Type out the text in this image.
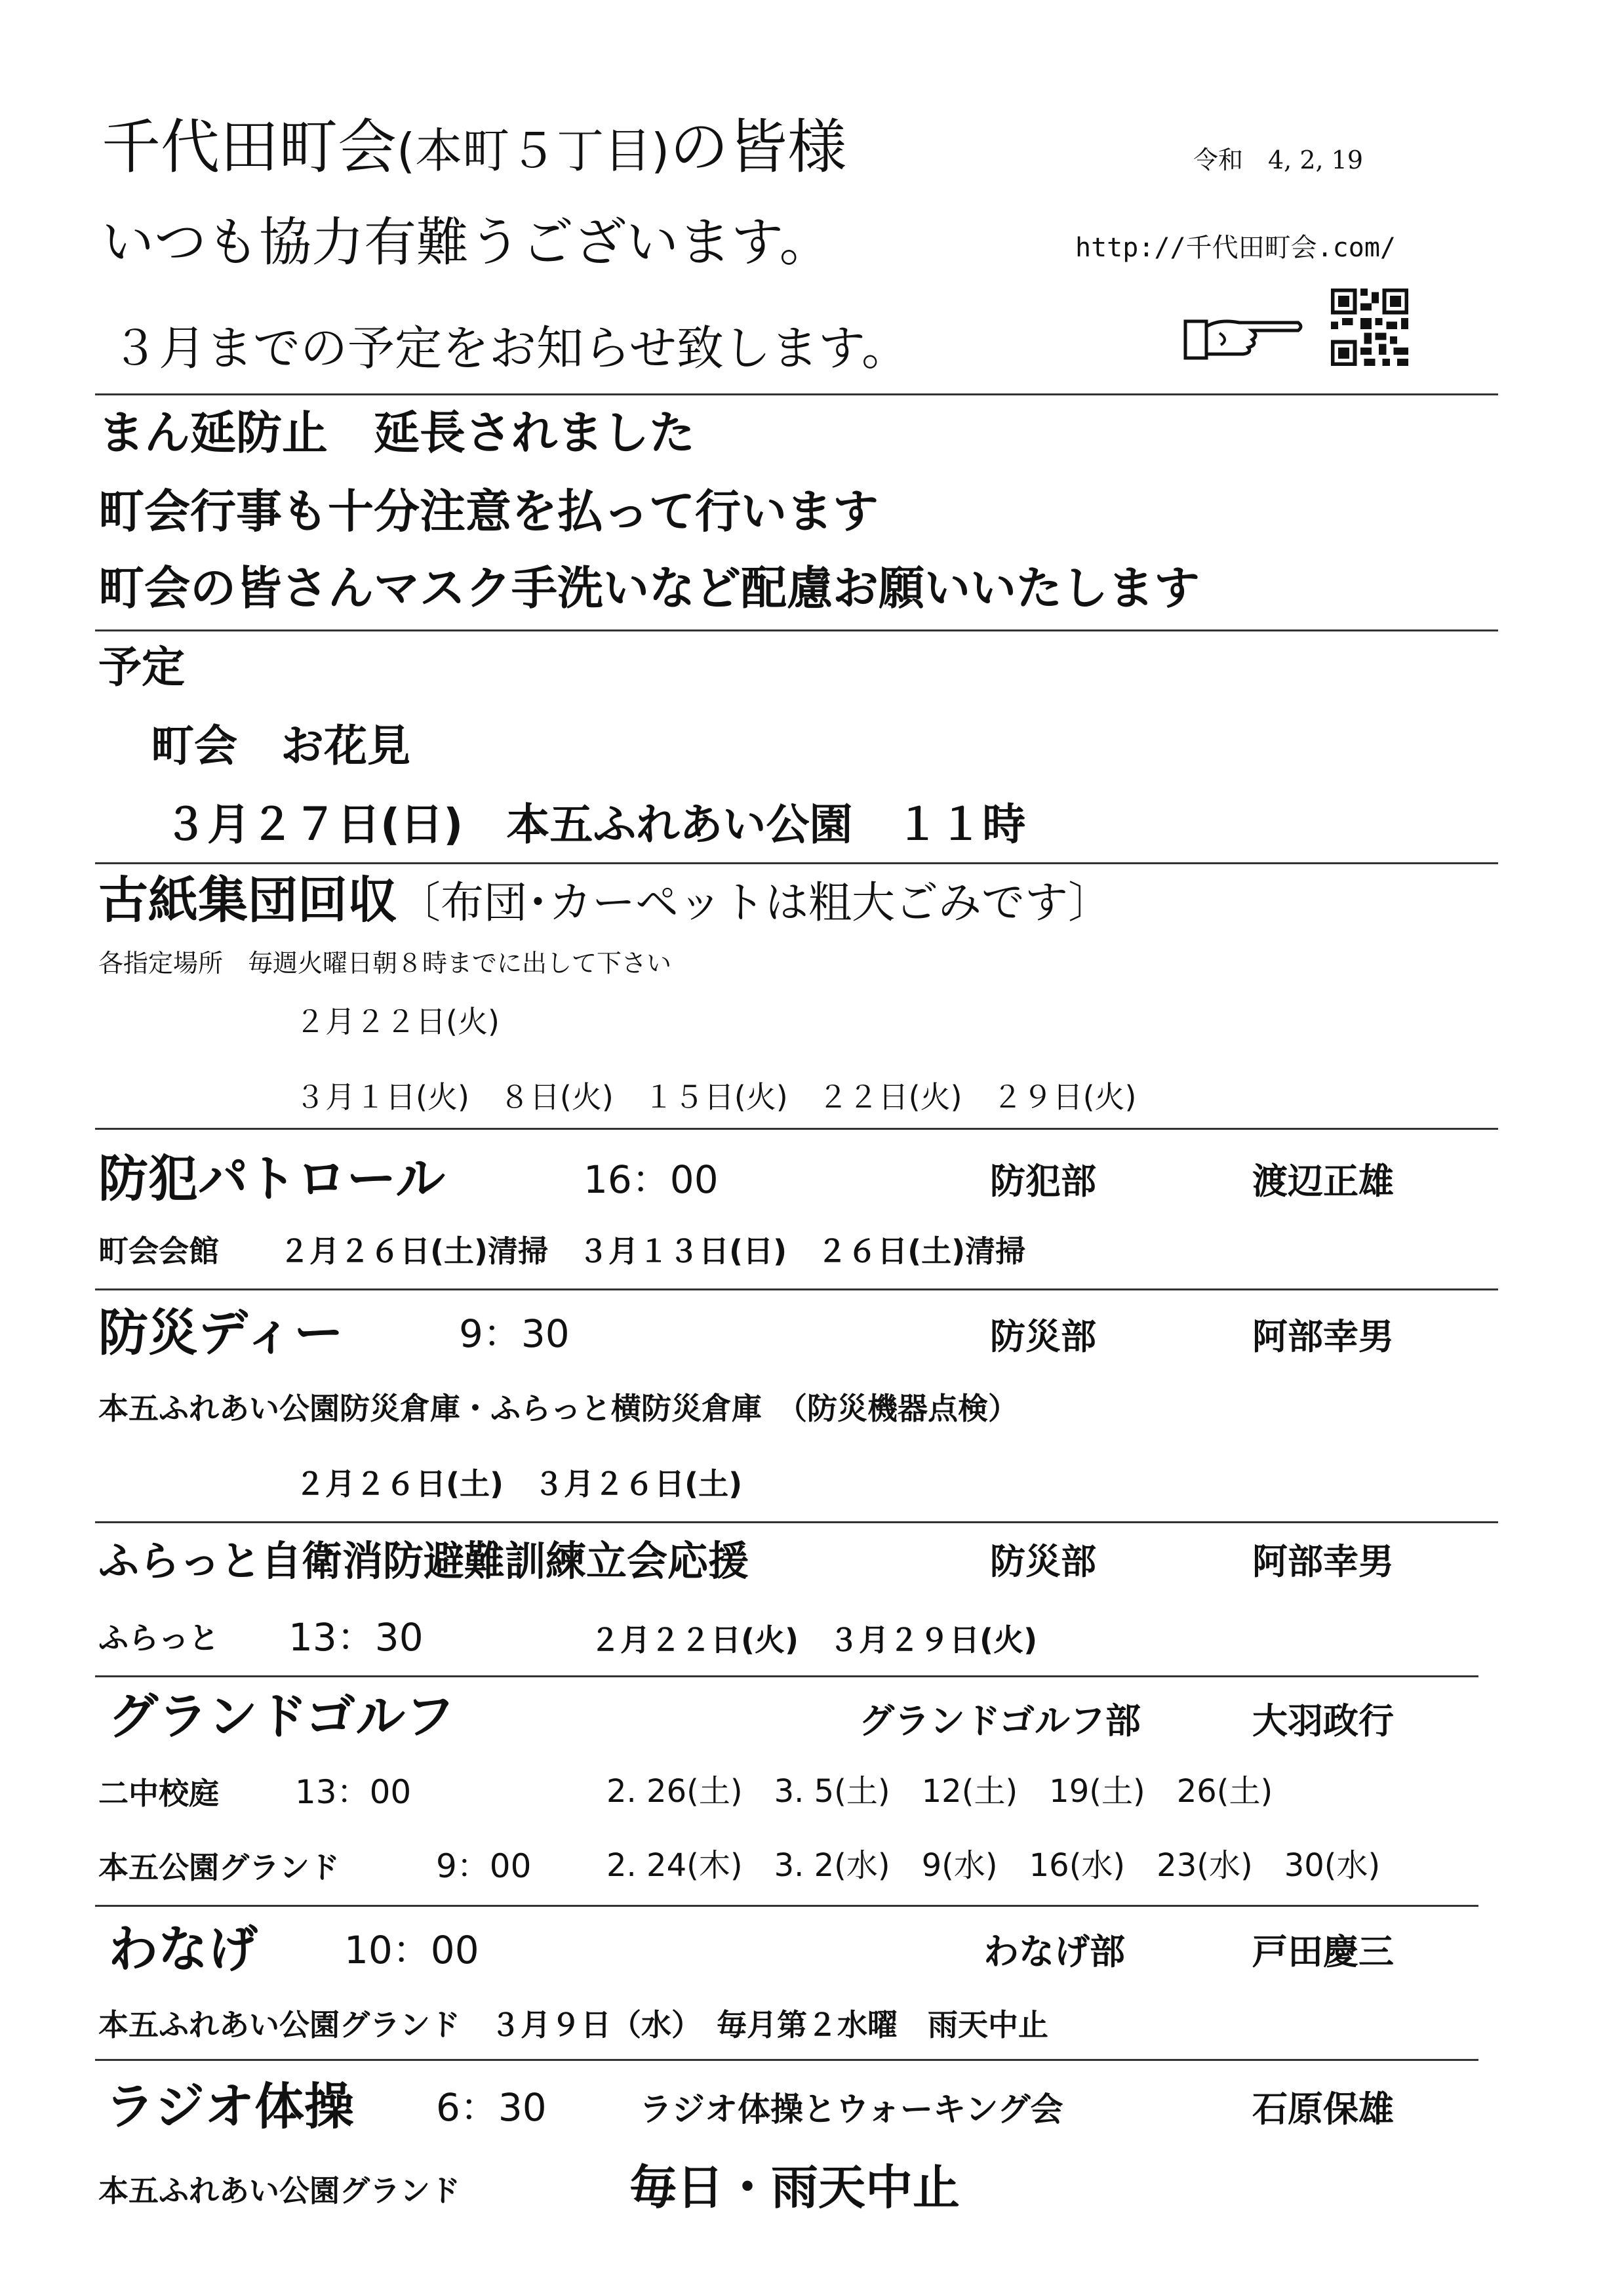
千代田町会(本町５丁目)の皆様	令和　4, 2, 19
いつも協力有難うございます。	http://千代田町会.com/
３月までの予定をお知らせ致します。
まん延防止　延長されました
町会行事も十分注意を払って行います
町会の皆さんマスク手洗いなど配慮お願いいたします
予定
町会　お花見
３月２７日(日)　本五ふれあい公園　１１時
古紙集団回収〔布団･カーペットは粗大ごみです〕
各指定場所　毎週火曜日朝８時までに出して下さい
２月２２日(火)
３月１日(火)　８日(火)　１５日(火)　２２日(火)　２９日(火)
防犯パトロール	16：00	防犯部	渡辺正雄
町会会館　　２月２６日(土)清掃　３月１３日(日)　２６日(土)清掃
防災ディー	9：30	防災部	阿部幸男
本五ふれあい公園防災倉庫・ふらっと横防災倉庫　（防災機器点検）
２月２６日(土)　３月２６日(土)
ふらっと自衛消防避難訓練立会応援	防災部	阿部幸男
ふらっと 13：30	２月２２日(火)　３月２９日(火)
グランドゴルフ	グランドゴルフ部	大羽政行
二中校庭 13：00	2. 26(土)　3. 5(土)　12(土)　19(土)　26(土)
本五公園グランド	9：00 2. 24(木)　3. 2(水)　9(水)　16(水)　23(水)　30(水)
わなげ 10：00	わなげ部	戸田慶三
本五ふれあい公園グランド　３月９日（水）　毎月第２水曜　雨天中止
ラジオ体操 6：30	ラジオ体操とウォーキング会	石原保雄
本五ふれあい公園グランド	毎日・雨天中止
